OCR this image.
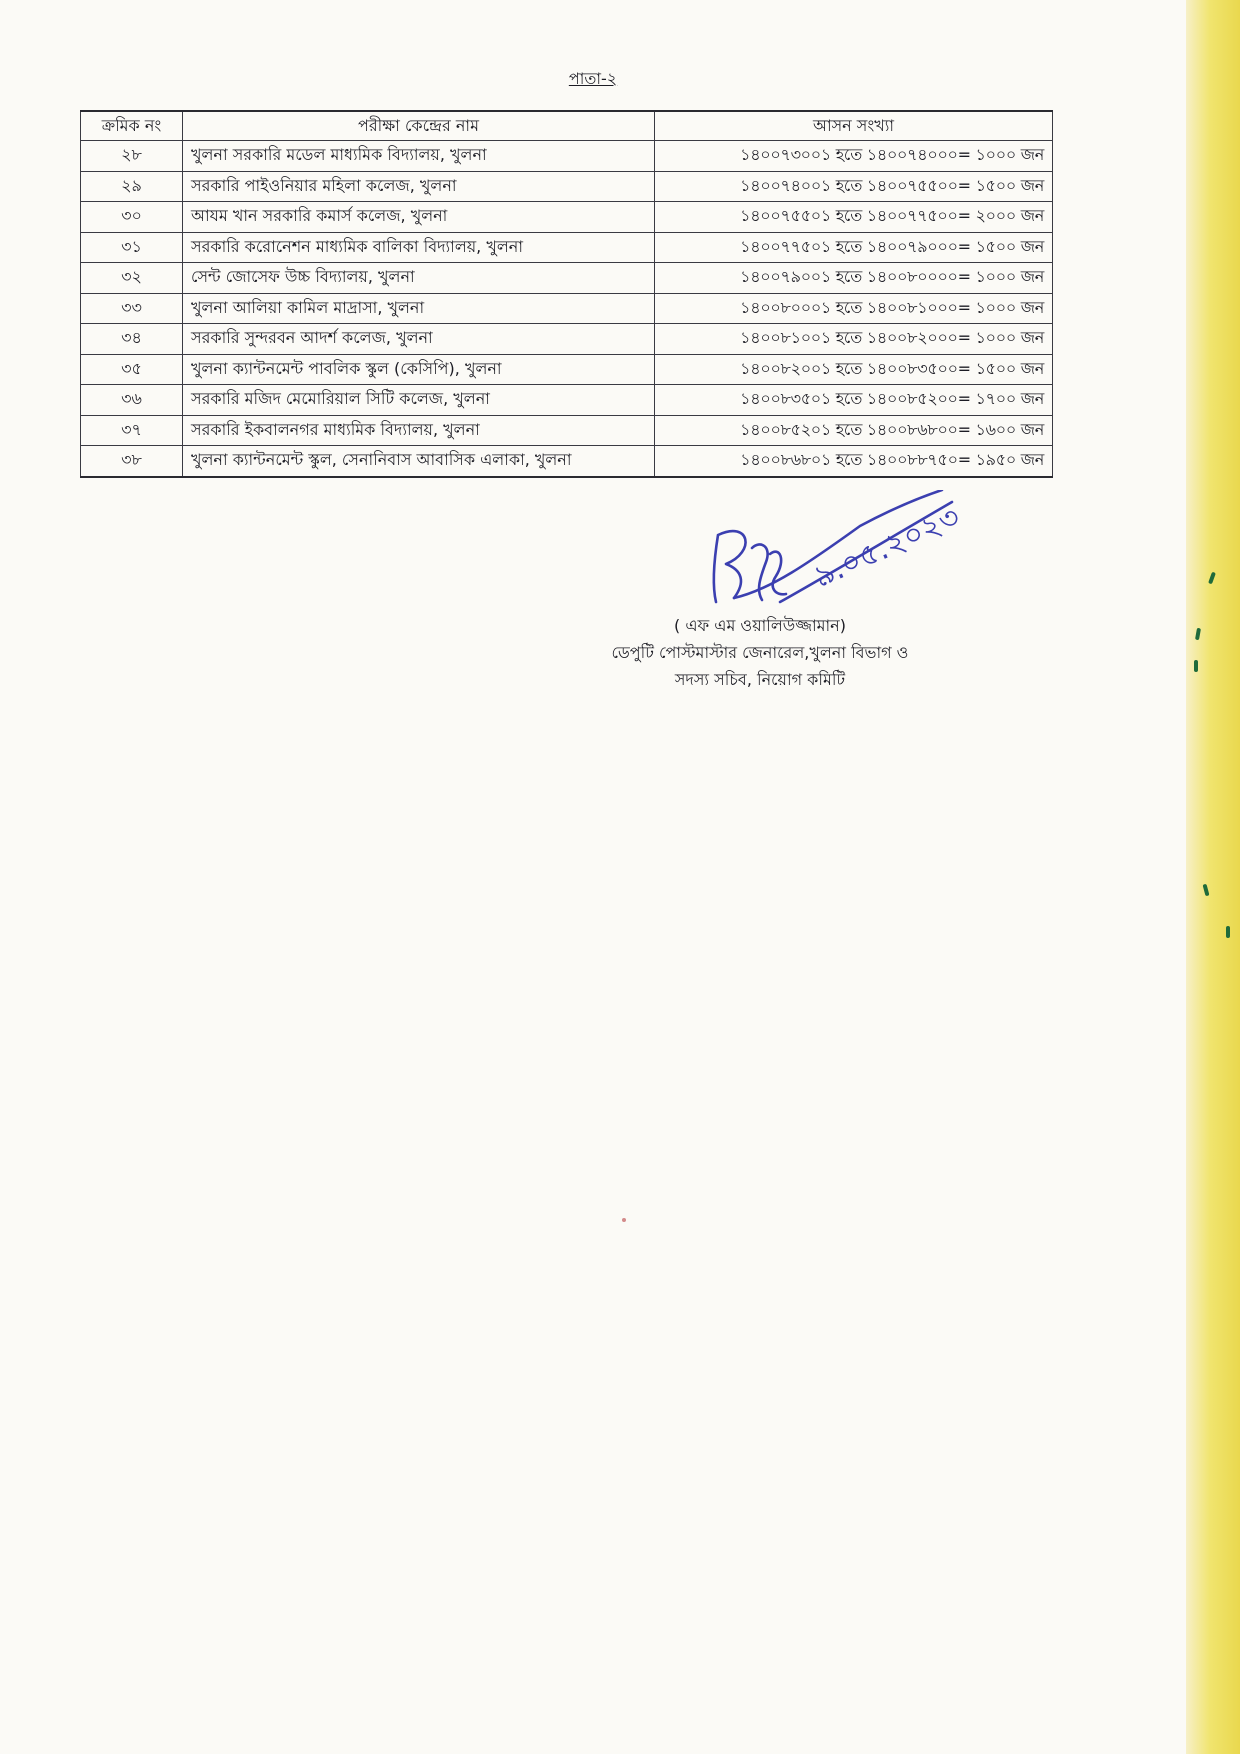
পাতা-২
ক্রমিক নং	পরীক্ষা কেন্দ্রের নাম	আসন সংখ্যা
২৮	খুলনা সরকারি মডেল মাধ্যমিক বিদ্যালয়, খুলনা	১৪০০৭৩০০১ হতে ১৪০০৭৪০০০= ১০০০ জন
২৯	সরকারি পাইওনিয়ার মহিলা কলেজ, খুলনা	১৪০০৭৪০০১ হতে ১৪০০৭৫৫০০= ১৫০০ জন
৩০	আযম খান সরকারি কমার্স কলেজ, খুলনা	১৪০০৭৫৫০১ হতে ১৪০০৭৭৫০০= ২০০০ জন
৩১	সরকারি করোনেশন মাধ্যমিক বালিকা বিদ্যালয়, খুলনা	১৪০০৭৭৫০১ হতে ১৪০০৭৯০০০= ১৫০০ জন
৩২	সেন্ট জোসেফ উচ্চ বিদ্যালয়, খুলনা	১৪০০৭৯০০১ হতে ১৪০০৮০০০০= ১০০০ জন
৩৩	খুলনা আলিয়া কামিল মাদ্রাসা, খুলনা	১৪০০৮০০০১ হতে ১৪০০৮১০০০= ১০০০ জন
৩৪	সরকারি সুন্দরবন আদর্শ কলেজ, খুলনা	১৪০০৮১০০১ হতে ১৪০০৮২০০০= ১০০০ জন
৩৫	খুলনা ক্যান্টনমেন্ট পাবলিক স্কুল (কেসিপি), খুলনা	১৪০০৮২০০১ হতে ১৪০০৮৩৫০০= ১৫০০ জন
৩৬	সরকারি মজিদ মেমোরিয়াল সিটি কলেজ, খুলনা	১৪০০৮৩৫০১ হতে ১৪০০৮৫২০০= ১৭০০ জন
৩৭	সরকারি ইকবালনগর মাধ্যমিক বিদ্যালয়, খুলনা	১৪০০৮৫২০১ হতে ১৪০০৮৬৮০০= ১৬০০ জন
৩৮	খুলনা ক্যান্টনমেন্ট স্কুল, সেনানিবাস আবাসিক এলাকা, খুলনা	১৪০০৮৬৮০১ হতে ১৪০০৮৮৭৫০= ১৯৫০ জন
৯.০৫.২০২৩
( এফ এম ওয়ালিউজ্জামান)
ডেপুটি পোস্টমাস্টার জেনারেল,খুলনা বিভাগ ও
সদস্য সচিব, নিয়োগ কমিটি
